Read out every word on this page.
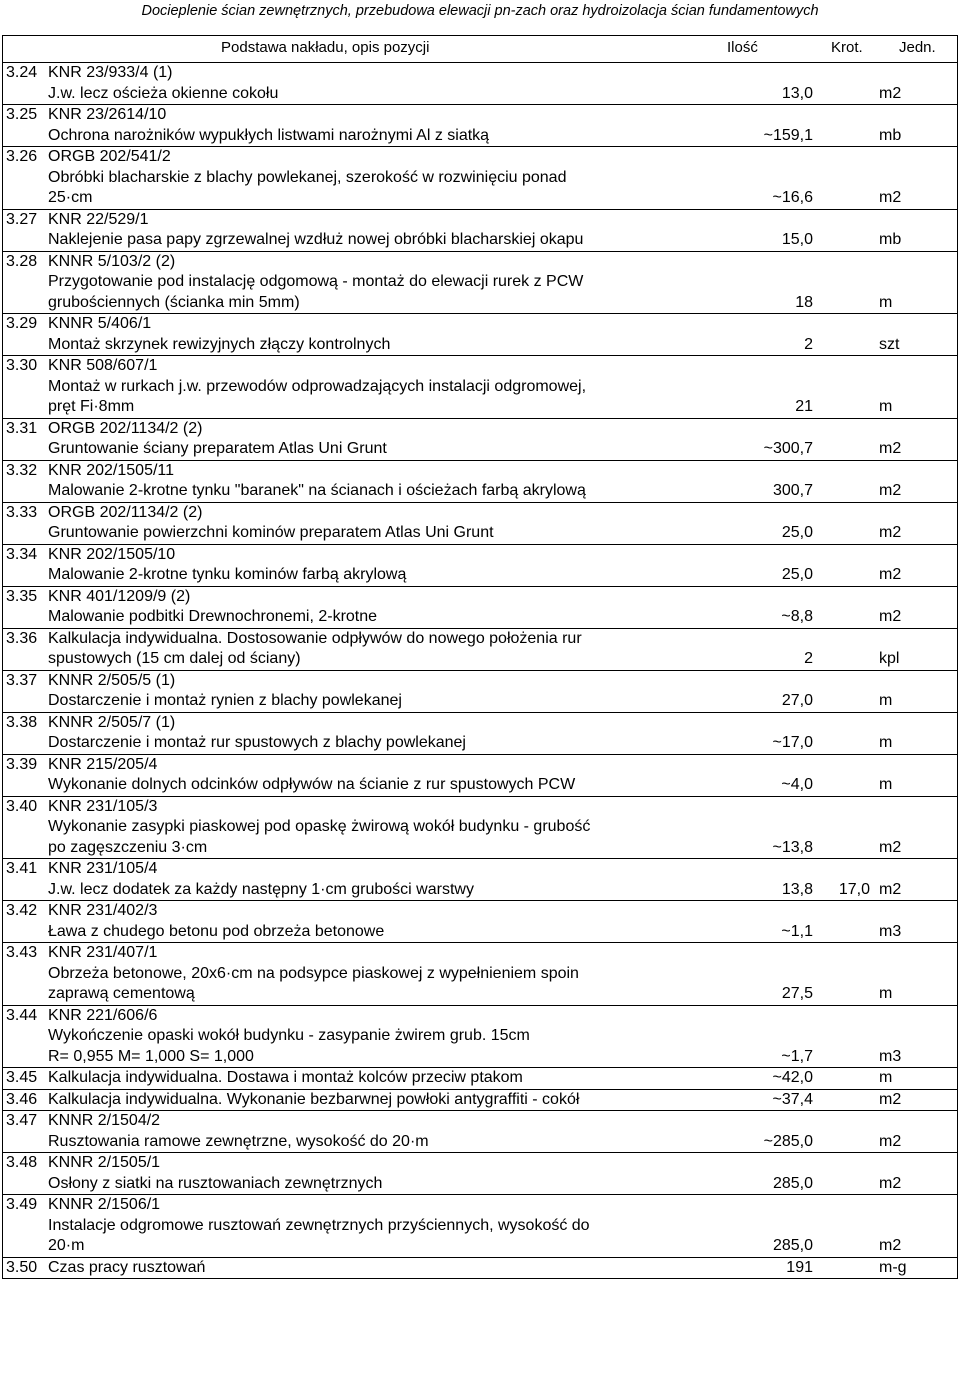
Docieplenie ścian zewnętrznych, przebudowa elewacji pn-zach oraz hydroizolacja ścian fundamentowych
Podstawa nakładu, opis pozycji	Ilość	Krot. Jedn.
3.24 KNR 23/933/4 (1)
J.w. lecz ościeża okienne cokołu	13,0	m2
3.25 KNR 23/2614/10
Ochrona narożników wypukłych listwami narożnymi Al z siatką	~159,1	mb
3.26 ORGB 202/541/2
Obróbki blacharskie z blachy powlekanej, szerokość w rozwinięciu ponad
25·cm	~16,6	m2
3.27 KNR 22/529/1
Naklejenie pasa papy zgrzewalnej wzdłuż nowej obróbki blacharskiej okapu	15,0	mb
3.28 KNNR 5/103/2 (2)
Przygotowanie pod instalację odgomową - montaż do elewacji rurek z PCW
grubościennych (ścianka min 5mm)	18	m
3.29 KNNR 5/406/1
Montaż skrzynek rewizyjnych złączy kontrolnych	2	szt
3.30 KNR 508/607/1
Montaż w rurkach j.w. przewodów odprowadzających instalacji odgromowej,
pręt Fi·8mm	21	m
3.31 ORGB 202/1134/2 (2)
Gruntowanie ściany preparatem Atlas Uni Grunt	~300,7	m2
3.32 KNR 202/1505/11
Malowanie 2-krotne tynku "baranek" na ścianach i ościeżach farbą akrylową	300,7	m2
3.33 ORGB 202/1134/2 (2)
Gruntowanie powierzchni kominów preparatem Atlas Uni Grunt	25,0	m2
3.34 KNR 202/1505/10
Malowanie 2-krotne tynku kominów farbą akrylową	25,0	m2
3.35 KNR 401/1209/9 (2)
Malowanie podbitki Drewnochronemi, 2-krotne	~8,8	m2
3.36 Kalkulacja indywidualna. Dostosowanie odpływów do nowego położenia rur
spustowych (15 cm dalej od ściany)	2	kpl
3.37 KNNR 2/505/5 (1)
Dostarczenie i montaż rynien z blachy powlekanej	27,0	m
3.38 KNNR 2/505/7 (1)
Dostarczenie i montaż rur spustowych z blachy powlekanej	~17,0	m
3.39 KNR 215/205/4
Wykonanie dolnych odcinków odpływów na ścianie z rur spustowych PCW	~4,0	m
3.40 KNR 231/105/3
Wykonanie zasypki piaskowej pod opaskę żwirową wokół budynku - grubość
po zagęszczeniu 3·cm	~13,8	m2
3.41 KNR 231/105/4
J.w. lecz dodatek za każdy następny 1·cm grubości warstwy	13,8 17,0 m2
3.42 KNR 231/402/3
Ława z chudego betonu pod obrzeża betonowe	~1,1	m3
3.43 KNR 231/407/1
Obrzeża betonowe, 20x6·cm na podsypce piaskowej z wypełnieniem spoin
zaprawą cementową	27,5	m
3.44 KNR 221/606/6
Wykończenie opaski wokół budynku - zasypanie żwirem grub. 15cm
R= 0,955 M= 1,000 S= 1,000	~1,7	m3
3.45 Kalkulacja indywidualna. Dostawa i montaż kolców przeciw ptakom	~42,0	m
3.46 Kalkulacja indywidualna. Wykonanie bezbarwnej powłoki antygraffiti - cokół	~37,4	m2
3.47 KNNR 2/1504/2
Rusztowania ramowe zewnętrzne, wysokość do 20·m	~285,0	m2
3.48 KNNR 2/1505/1
Osłony z siatki na rusztowaniach zewnętrznych	285,0	m2
3.49 KNNR 2/1506/1
Instalacje odgromowe rusztowań zewnętrznych przyściennych, wysokość do
20·m	285,0	m2
3.50 Czas pracy rusztowań	191	m-g
